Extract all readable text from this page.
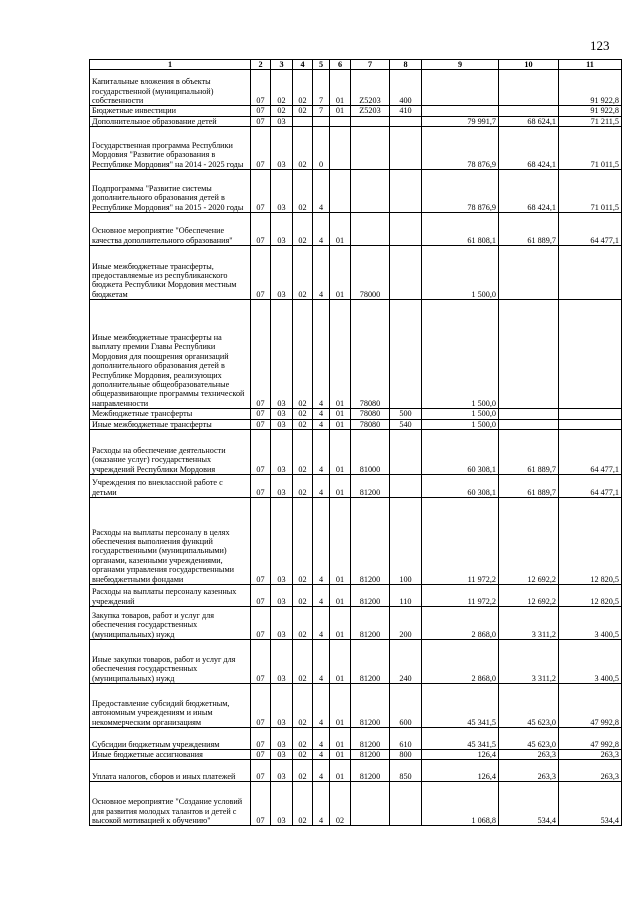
123
1	2	3	4	5	6	7	8	9	10	11
Капитальные вложения в объекты государственной (муниципальной) собственности	07	02	02	7	01	Z5203	400			91 922,8
Бюджетные инвестиции	07	02	02	7	01	Z5203	410			91 922,8
Дополнительное образование детей	07	03						79 991,7	68 624,1	71 211,5
Государственная программа Республики Мордовия "Развитие образования в Республике Мордовия" на 2014 - 2025 годы	07	03	02	0				78 876,9	68 424,1	71 011,5
Подпрограмма "Развитие системы дополнительного образования детей в Республике Мордовия" на 2015 - 2020 годы	07	03	02	4				78 876,9	68 424,1	71 011,5
Основное мероприятие "Обеспечение качества дополнительного образования"	07	03	02	4	01			61 808,1	61 889,7	64 477,1
Иные межбюджетные трансферты, предоставляемые из республиканского бюджета Республики Мордовия местным бюджетам	07	03	02	4	01	78000		1 500,0		
Иные межбюджетные трансферты на выплату премии Главы Республики Мордовия для поощрения организаций дополнительного образования детей в Республике Мордовия, реализующих дополнительные общеобразовательные общеразвивающие программы технической направленности	07	03	02	4	01	78080		1 500,0		
Межбюджетные трансферты	07	03	02	4	01	78080	500	1 500,0		
Иные межбюджетные трансферты	07	03	02	4	01	78080	540	1 500,0		
Расходы на обеспечение деятельности (оказание услуг) государственных учреждений Республики Мордовия	07	03	02	4	01	81000		60 308,1	61 889,7	64 477,1
Учреждения по внеклассной работе с детьми	07	03	02	4	01	81200		60 308,1	61 889,7	64 477,1
Расходы на выплаты персоналу в целях обеспечения выполнения функций государственными (муниципальными) органами, казенными учреждениями, органами управления государственными внебюджетными фондами	07	03	02	4	01	81200	100	11 972,2	12 692,2	12 820,5
Расходы на выплаты персоналу казенных учреждений	07	03	02	4	01	81200	110	11 972,2	12 692,2	12 820,5
Закупка товаров, работ и услуг для обеспечения государственных (муниципальных) нужд	07	03	02	4	01	81200	200	2 868,0	3 311,2	3 400,5
Иные закупки товаров, работ и услуг для обеспечения государственных (муниципальных) нужд	07	03	02	4	01	81200	240	2 868,0	3 311,2	3 400,5
Предоставление субсидий бюджетным, автономным учреждениям и иным некоммерческим организациям	07	03	02	4	01	81200	600	45 341,5	45 623,0	47 992,8
Субсидии бюджетным учреждениям	07	03	02	4	01	81200	610	45 341,5	45 623,0	47 992,8
Иные бюджетные ассигнования	07	03	02	4	01	81200	800	126,4	263,3	263,3
Уплата налогов, сборов и иных платежей	07	03	02	4	01	81200	850	126,4	263,3	263,3
Основное мероприятие "Создание условий для развития молодых талантов и детей с высокой мотивацией к обучению"	07	03	02	4	02			1 068,8	534,4	534,4
